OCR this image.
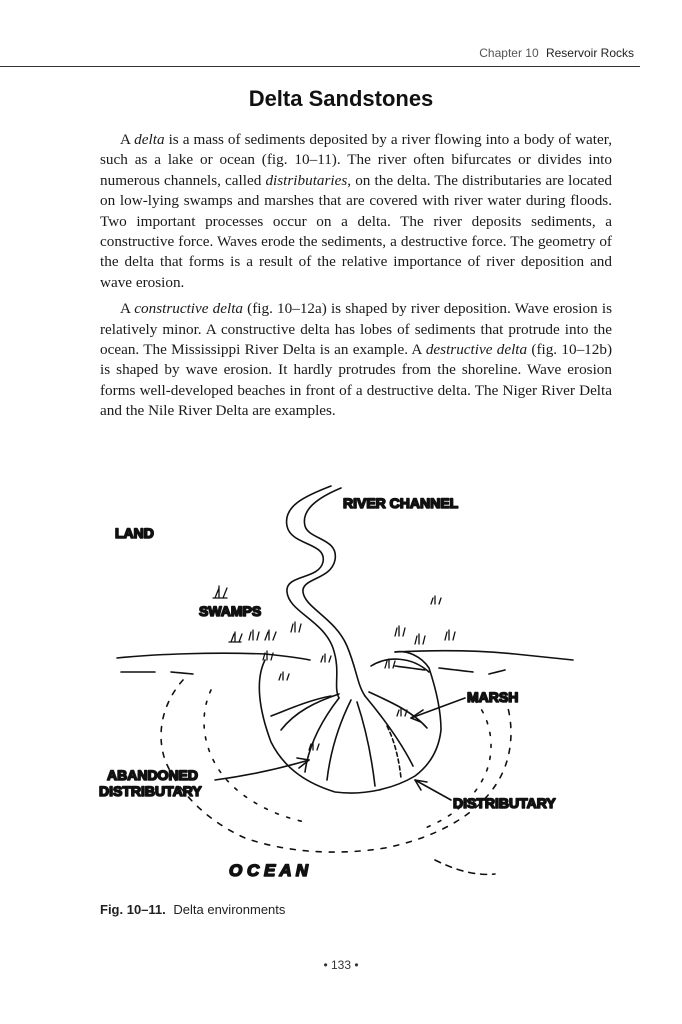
Chapter 10 Reservoir Rocks
Delta Sandstones

A delta is a mass of sediments deposited by a river flowing into a body of water, such as a lake or ocean (fig. 10–11). The river often bifurcates or divides into numerous channels, called distributaries, on the delta. The distributaries are located on low-lying swamps and marshes that are covered with river water during floods. Two important processes occur on a delta. The river deposits sediments, a constructive force. Waves erode the sediments, a destructive force. The geometry of the delta that forms is a result of the relative importance of river deposition and wave erosion.

A constructive delta (fig. 10–12a) is shaped by river deposition. Wave erosion is relatively minor. A constructive delta has lobes of sediments that protrude into the ocean. The Mississippi River Delta is an example. A destructive delta (fig. 10–12b) is shaped by wave erosion. It hardly protrudes from the shoreline. Wave erosion forms well-developed beaches in front of a destructive delta. The Niger River Delta and the Nile River Delta are examples.

RIVER CHANNEL
LAND
SWAMPS
MARSH
ABANDONED
DISTRIBUTARY
DISTRIBUTARY
O C E A N
Fig. 10–11. Delta environments
• 133 •
